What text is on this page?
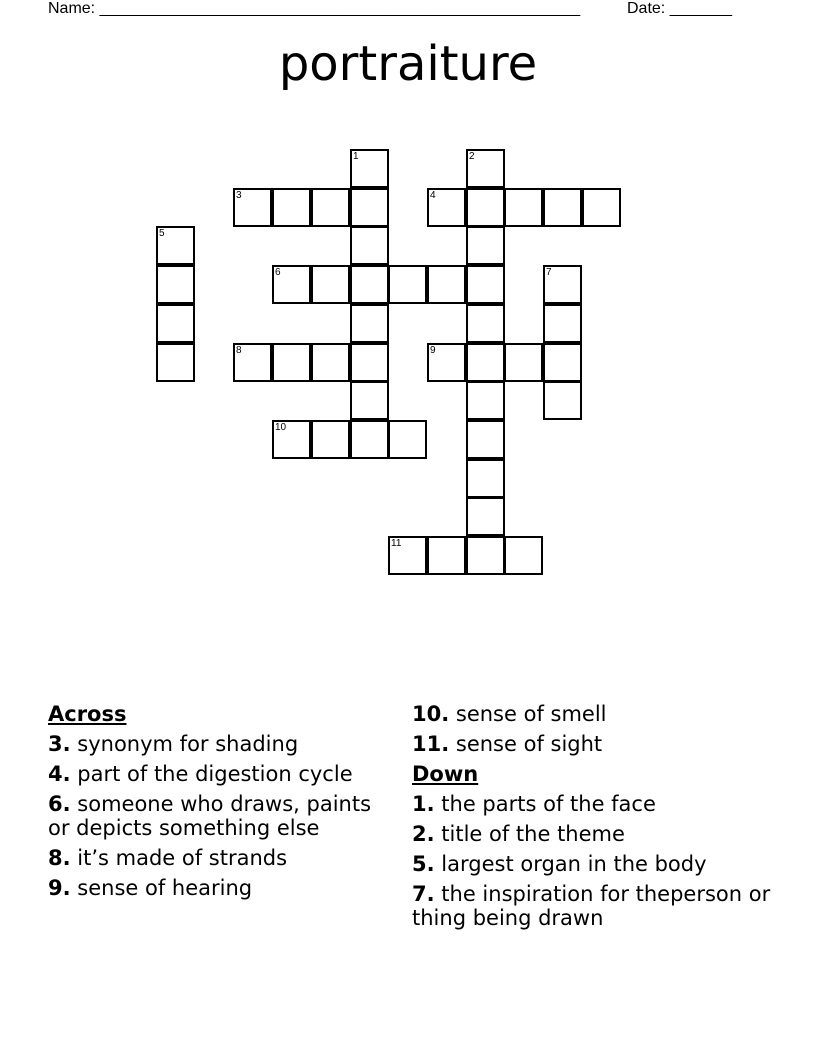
Name: ______________________________________________________	Date: _______
portraiture
1	2
3	4
5
6	7
8	9
10
11
Across
3. synonym for shading
4. part of the digestion cycle
6. someone who draws, paints or depicts something else
8. it’s made of strands
9. sense of hearing
10. sense of smell
11. sense of sight
Down
1. the parts of the face
2. title of the theme
5. largest organ in the body
7. the inspiration for theperson or thing being drawn
